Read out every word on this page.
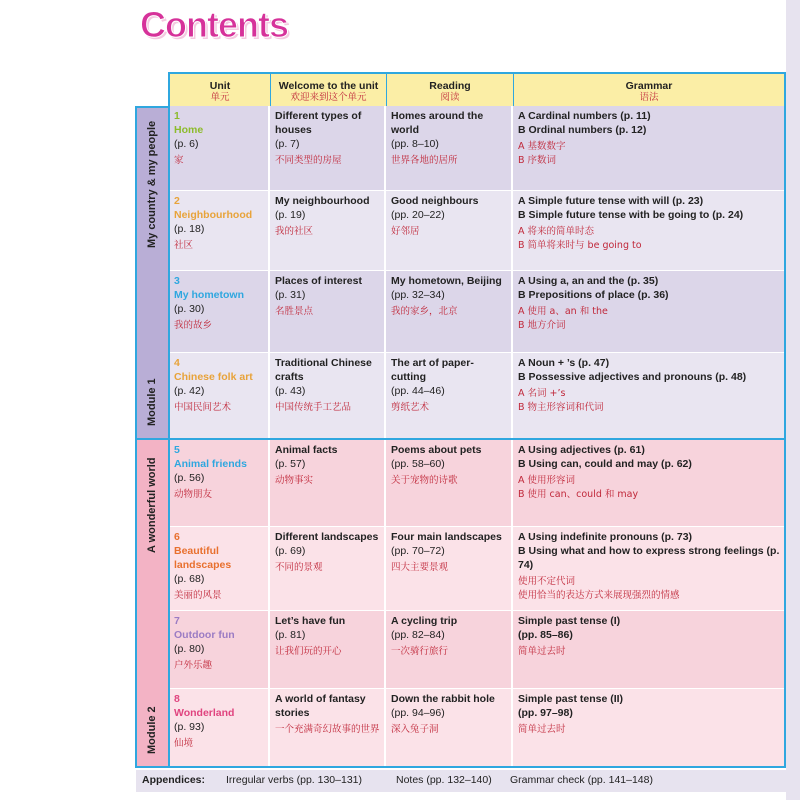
Contents
Unit
单元
Welcome to the unit
欢迎来到这个单元
Reading
阅读
Grammar
语法
My country & my people
Module 1
A wonderful world
Module 2
1
Home
(p. 6)
家
Different types of houses
(p. 7)
不同类型的房屋
Homes around the world
(pp. 8–10)
世界各地的居所
A Cardinal numbers (p. 11)
B Ordinal numbers (p. 12)
A 基数数字
B 序数词
2
Neighbourhood
(p. 18)
社区
My neighbourhood
(p. 19)
我的社区
Good neighbours
(pp. 20–22)
好邻居
A Simple future tense with will (p. 23)
B Simple future tense with be going to (p. 24)
A 将来的简单时态
B 简单将来时与 be going to
3
My hometown
(p. 30)
我的故乡
Places of interest
(p. 31)
名胜景点
My hometown, Beijing
(pp. 32–34)
我的家乡，北京
A Using a, an and the (p. 35)
B Prepositions of place (p. 36)
A 使用 a、an 和 the
B 地方介词
4
Chinese folk art
(p. 42)
中国民间艺术
Traditional Chinese crafts
(p. 43)
中国传统手工艺品
The art of paper-cutting
(pp. 44–46)
剪纸艺术
A Noun + ’s (p. 47)
B Possessive adjectives and pronouns (p. 48)
A 名词 +’s
B 物主形容词和代词
5
Animal friends
(p. 56)
动物朋友
Animal facts
(p. 57)
动物事实
Poems about pets
(pp. 58–60)
关于宠物的诗歌
A Using adjectives (p. 61)
B Using can, could and may (p. 62)
A 使用形容词
B 使用 can、could 和 may
6
Beautiful landscapes
(p. 68)
美丽的风景
Different landscapes
(p. 69)
不同的景观
Four main landscapes
(pp. 70–72)
四大主要景观
A Using indefinite pronouns (p. 73)
B Using what and how to express strong feelings (p. 74)
使用不定代词
使用恰当的表达方式来展现强烈的情感
7
Outdoor fun
(p. 80)
户外乐趣
Let’s have fun
(p. 81)
让我们玩的开心
A cycling trip
(pp. 82–84)
一次骑行旅行
Simple past tense (I)
(pp. 85–86)
简单过去时
8
Wonderland
(p. 93)
仙境
A world of fantasy stories
一个充满奇幻故事的世界
Down the rabbit hole
(pp. 94–96)
深入兔子洞
Simple past tense (II)
(pp. 97–98)
简单过去时
Appendices: Irregular verbs (pp. 130–131)	Notes (pp. 132–140) Grammar check (pp. 141–148)
